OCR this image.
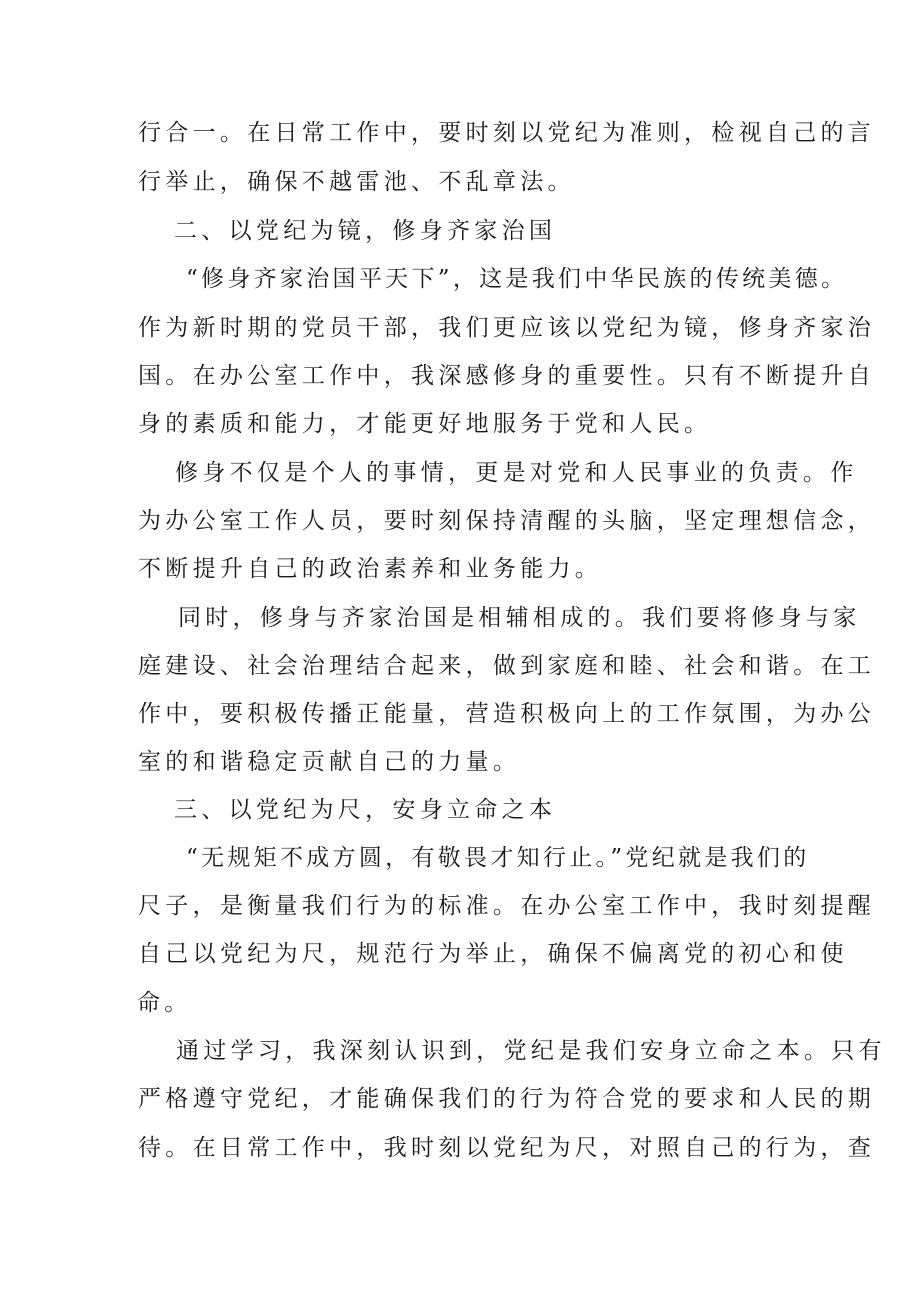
行合一。在日常工作中，要时刻以党纪为准则，检视自己的言
行举止，确保不越雷池、不乱章法。
二、以党纪为镜，修身齐家治国
“修身齐家治国平天下”，这是我们中华民族的传统美德。
作为新时期的党员干部，我们更应该以党纪为镜，修身齐家治
国。在办公室工作中，我深感修身的重要性。只有不断提升自
身的素质和能力，才能更好地服务于党和人民。
修身不仅是个人的事情，更是对党和人民事业的负责。作
为办公室工作人员，要时刻保持清醒的头脑，坚定理想信念，
不断提升自己的政治素养和业务能力。
同时，修身与齐家治国是相辅相成的。我们要将修身与家
庭建设、社会治理结合起来，做到家庭和睦、社会和谐。在工
作中，要积极传播正能量，营造积极向上的工作氛围，为办公
室的和谐稳定贡献自己的力量。
三、以党纪为尺，安身立命之本
“无规矩不成方圆，有敬畏才知行止。”党纪就是我们的
尺子，是衡量我们行为的标准。在办公室工作中，我时刻提醒
自己以党纪为尺，规范行为举止，确保不偏离党的初心和使
命。
通过学习，我深刻认识到，党纪是我们安身立命之本。只有
严格遵守党纪，才能确保我们的行为符合党的要求和人民的期
待。在日常工作中，我时刻以党纪为尺，对照自己的行为，查
